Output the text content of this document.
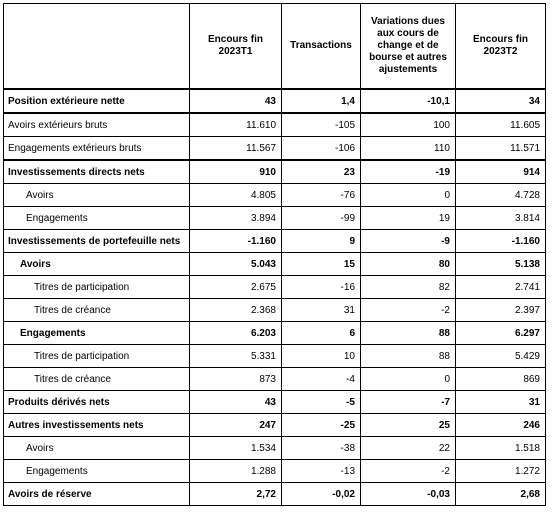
	Encours fin 2023T1	Transactions	Variations dues aux cours de change et de bourse et autres ajustements	Encours fin 2023T2
Position extérieure nette	43	1,4	-10,1	34
Avoirs extérieurs bruts	11.610	-105	100	11.605
Engagements extérieurs bruts	11.567	-106	110	11.571
Investissements directs nets	910	23	-19	914
Avoirs	4.805	-76	0	4.728
Engagements	3.894	-99	19	3.814
Investissements de portefeuille nets	-1.160	9	-9	-1.160
Avoirs	5.043	15	80	5.138
Titres de participation	2.675	-16	82	2.741
Titres de créance	2.368	31	-2	2.397
Engagements	6.203	6	88	6.297
Titres de participation	5.331	10	88	5.429
Titres de créance	873	-4	0	869
Produits dérivés nets	43	-5	-7	31
Autres investissements nets	247	-25	25	246
Avoirs	1.534	-38	22	1.518
Engagements	1.288	-13	-2	1.272
Avoirs de réserve	2,72	-0,02	-0,03	2,68
